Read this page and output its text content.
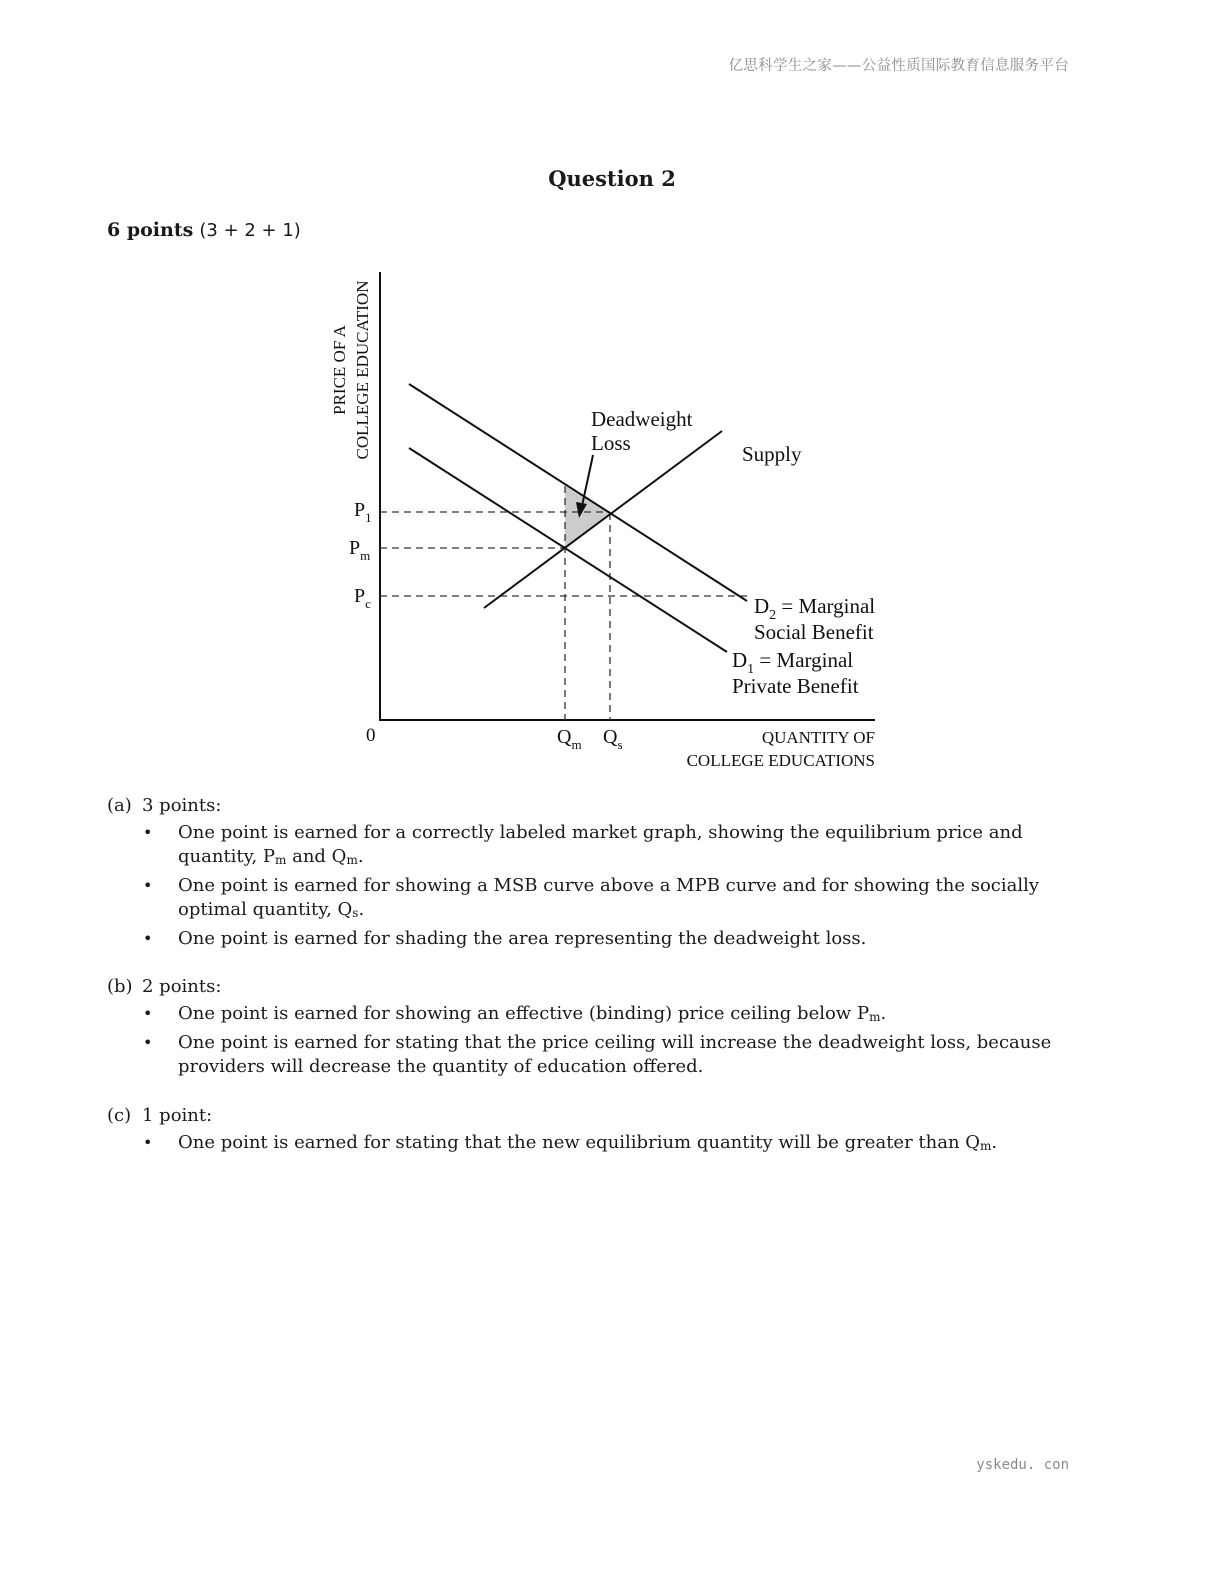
亿思科学生之家——公益性质国际教育信息服务平台
Question 2
6 points (3 + 2 + 1)
PRICE OF A COLLEGE EDUCATION
$P_1$
$P_m$
$P_c$
0	$Q_m$ $Q_s$	QUANTITY OF
COLLEGE EDUCATIONS
Deadweight
Loss	Supply
$D_2$ = Marginal
Social Benefit
$D_1$ = Marginal
Private Benefit
(a) 3 points:
• One point is earned for a correctly labeled market graph, showing the equilibrium price and quantity, Pm and Qm.
• One point is earned for showing a MSB curve above a MPB curve and for showing the socially optimal quantity, Qs.
• One point is earned for shading the area representing the deadweight loss.
(b) 2 points:
• One point is earned for showing an effective (binding) price ceiling below Pm.
• One point is earned for stating that the price ceiling will increase the deadweight loss, because providers will decrease the quantity of education offered.
(c) 1 point:
• One point is earned for stating that the new equilibrium quantity will be greater than Qm.
yskedu. con
